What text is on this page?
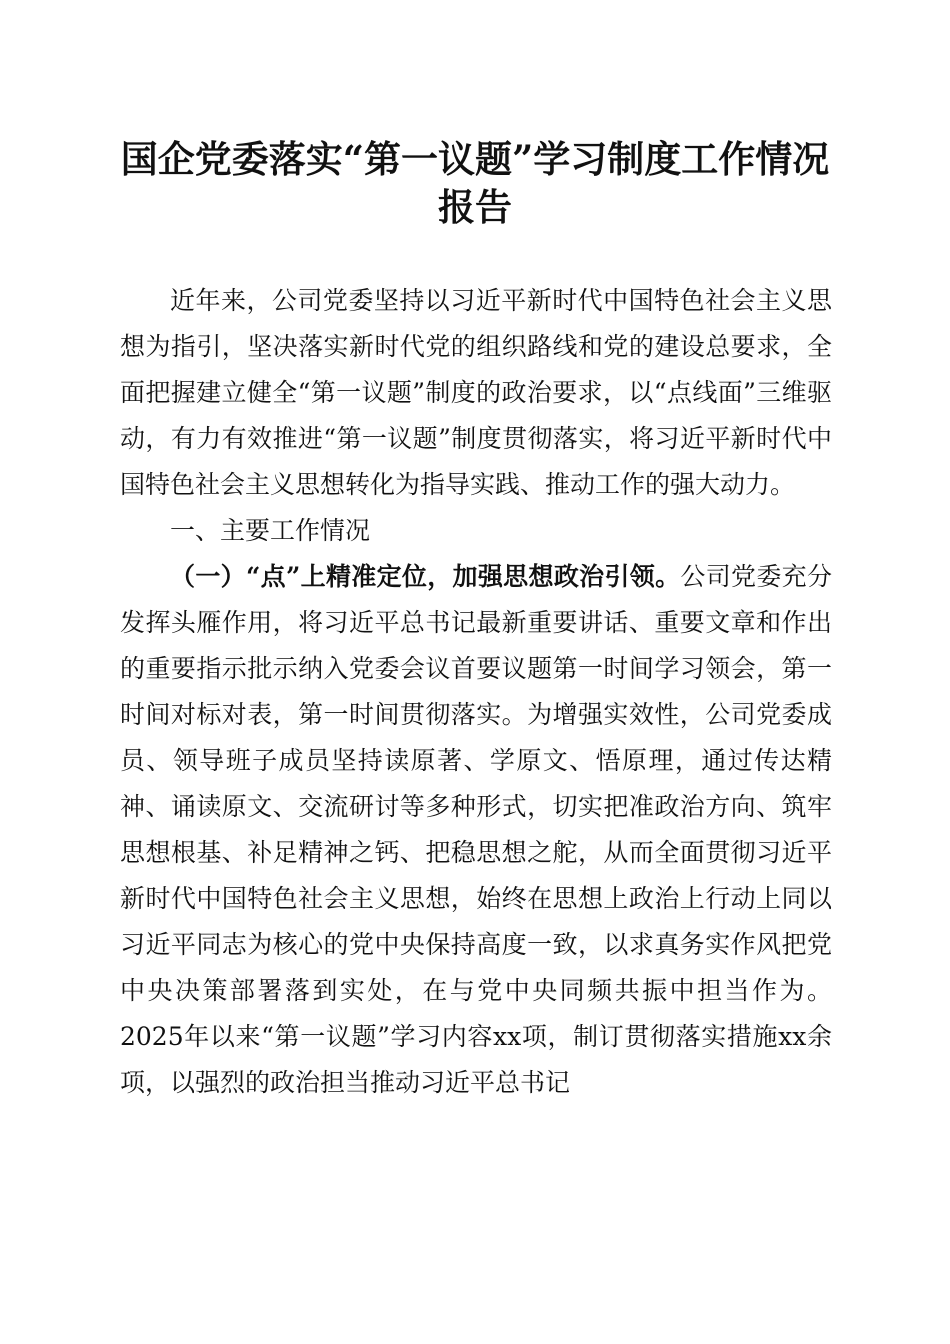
国企党委落实“第一议题”学习制度工作情况
报告

近年来，公司党委坚持以习近平新时代中国特色社会主义思想为指引，坚决落实新时代党的组织路线和党的建设总要求，全面把握建立健全“第一议题”制度的政治要求，以“点线面”三维驱动，有力有效推进“第一议题”制度贯彻落实，将习近平新时代中国特色社会主义思想转化为指导实践、推动工作的强大动力。

一、主要工作情况

（一）“点”上精准定位，加强思想政治引领。公司党委充分发挥头雁作用，将习近平总书记最新重要讲话、重要文章和作出的重要指示批示纳入党委会议首要议题第一时间学习领会，第一时间对标对表，第一时间贯彻落实。为增强实效性，公司党委成员、领导班子成员坚持读原著、学原文、悟原理，通过传达精神、诵读原文、交流研讨等多种形式，切实把准政治方向、筑牢思想根基、补足精神之钙、把稳思想之舵，从而全面贯彻习近平新时代中国特色社会主义思想，始终在思想上政治上行动上同以习近平同志为核心的党中央保持高度一致，以求真务实作风把党中央决策部署落到实处，在与党中央同频共振中担当作为。2025年以来“第一议题”学习内容xx项，制订贯彻落实措施xx余项，以强烈的政治担当推动习近平总书记
